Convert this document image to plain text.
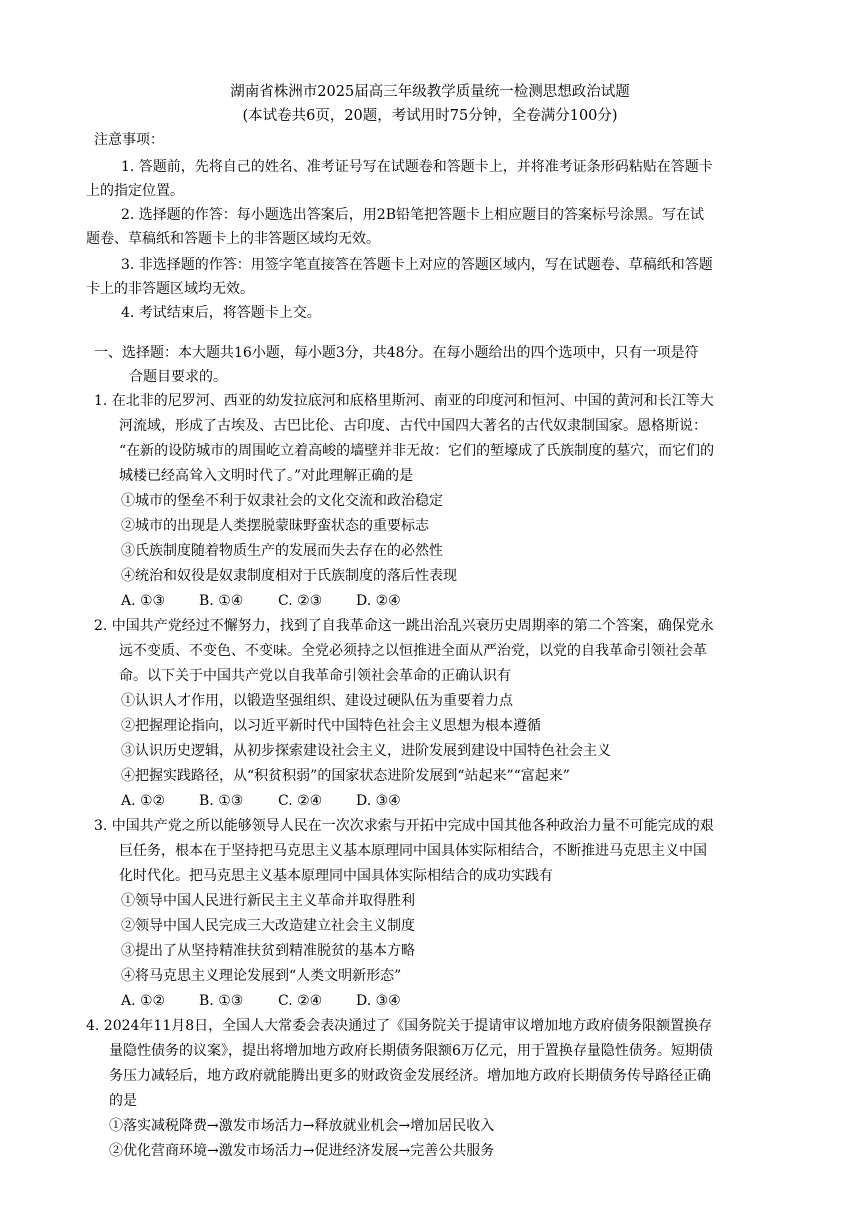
湖南省株洲市2025届高三年级教学质量统一检测思想政治试题
(本试卷共6页，20题，考试用时75分钟，全卷满分100分)
注意事项：
1. 答题前，先将自己的姓名、准考证号写在试题卷和答题卡上，并将准考证条形码粘贴在答题卡
上的指定位置。
2. 选择题的作答：每小题选出答案后，用2B铅笔把答题卡上相应题目的答案标号涂黑。写在试
题卷、草稿纸和答题卡上的非答题区域均无效。
3. 非选择题的作答：用签字笔直接答在答题卡上对应的答题区域内，写在试题卷、草稿纸和答题
卡上的非答题区域均无效。
4. 考试结束后，将答题卡上交。
一、选择题：本大题共16小题，每小题3分，共48分。在每小题给出的四个选项中，只有一项是符
合题目要求的。
1. 在北非的尼罗河、西亚的幼发拉底河和底格里斯河、南亚的印度河和恒河、中国的黄河和长江等大
河流域，形成了古埃及、古巴比伦、古印度、古代中国四大著名的古代奴隶制国家。恩格斯说：
“在新的设防城市的周围屹立着高峻的墙壁并非无故：它们的堑壕成了氏族制度的墓穴，而它们的
城楼已经高耸入文明时代了。”对此理解正确的是
①城市的堡垒不利于奴隶社会的文化交流和政治稳定
②城市的出现是人类摆脱蒙昧野蛮状态的重要标志
③氏族制度随着物质生产的发展而失去存在的必然性
④统治和奴役是奴隶制度相对于氏族制度的落后性表现
A. ①③ B. ①④ C. ②③ D. ②④
2. 中国共产党经过不懈努力，找到了自我革命这一跳出治乱兴衰历史周期率的第二个答案，确保党永
远不变质、不变色、不变味。全党必须持之以恒推进全面从严治党，以党的自我革命引领社会革
命。以下关于中国共产党以自我革命引领社会革命的正确认识有
①认识人才作用，以锻造坚强组织、建设过硬队伍为重要着力点
②把握理论指向，以习近平新时代中国特色社会主义思想为根本遵循
③认识历史逻辑，从初步探索建设社会主义，进阶发展到建设中国特色社会主义
④把握实践路径，从“积贫积弱”的国家状态进阶发展到“站起来”“富起来”
A. ①② B. ①③ C. ②④ D. ③④
3. 中国共产党之所以能够领导人民在一次次求索与开拓中完成中国其他各种政治力量不可能完成的艰
巨任务，根本在于坚持把马克思主义基本原理同中国具体实际相结合，不断推进马克思主义中国
化时代化。把马克思主义基本原理同中国具体实际相结合的成功实践有
①领导中国人民进行新民主主义革命并取得胜利
②领导中国人民完成三大改造建立社会主义制度
③提出了从坚持精准扶贫到精准脱贫的基本方略
④将马克思主义理论发展到“人类文明新形态”
A. ①② B. ①③ C. ②④ D. ③④
4. 2024年11月8日，全国人大常委会表决通过了《国务院关于提请审议增加地方政府债务限额置换存
量隐性债务的议案》，提出将增加地方政府长期债务限额6万亿元，用于置换存量隐性债务。短期债
务压力减轻后，地方政府就能腾出更多的财政资金发展经济。增加地方政府长期债务传导路径正确
的是
①落实减税降费→激发市场活力→释放就业机会→增加居民收入
②优化营商环境→激发市场活力→促进经济发展→完善公共服务
